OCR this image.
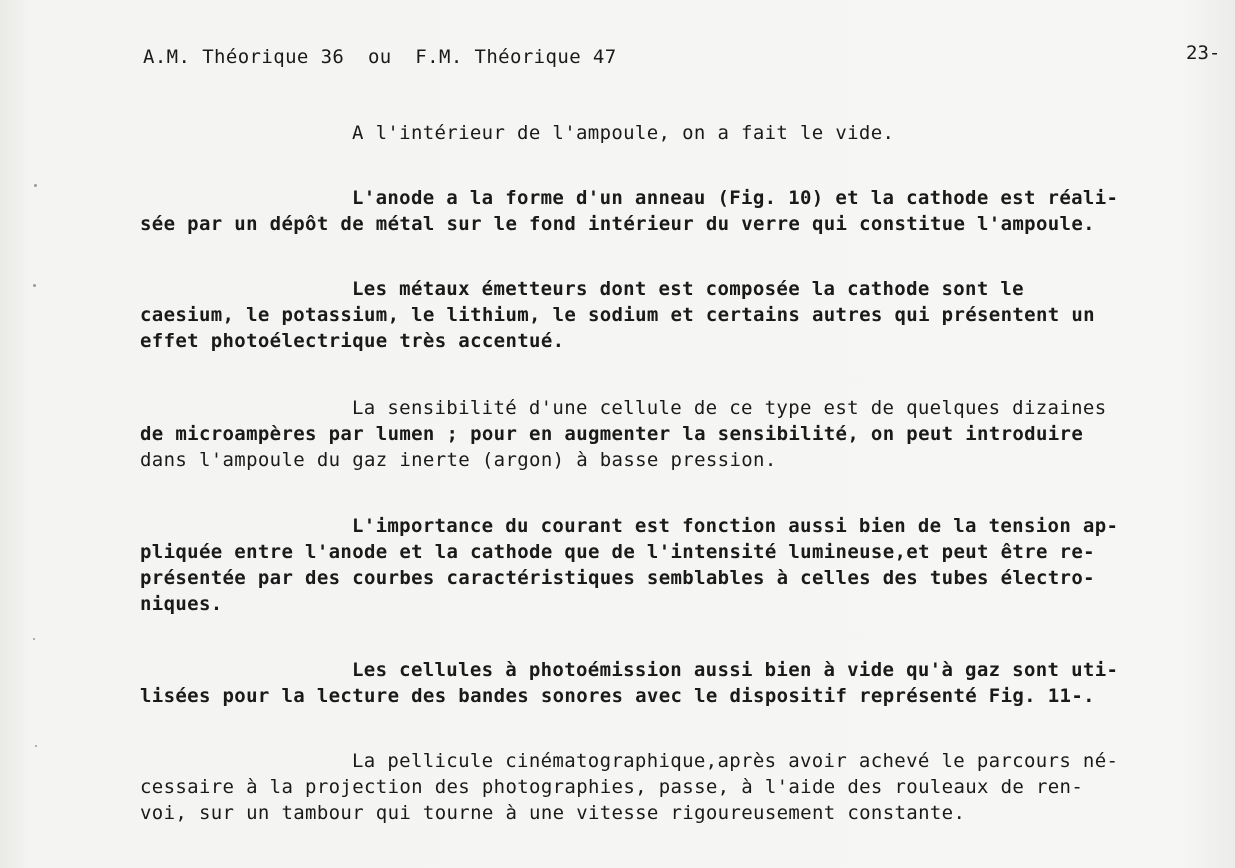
A.M. Théorique 36  ou  F.M. Théorique 47	23-
A l'intérieur de l'ampoule, on a fait le vide.
L'anode a la forme d'un anneau (Fig. 10) et la cathode est réali-
sée par un dépôt de métal sur le fond intérieur du verre qui constitue l'ampoule.
Les métaux émetteurs dont est composée la cathode sont le
caesium, le potassium, le lithium, le sodium et certains autres qui présentent un
effet photoélectrique très accentué.
La sensibilité d'une cellule de ce type est de quelques dizaines
de microampères par lumen ; pour en augmenter la sensibilité, on peut introduire
dans l'ampoule du gaz inerte (argon) à basse pression.
L'importance du courant est fonction aussi bien de la tension ap-
pliquée entre l'anode et la cathode que de l'intensité lumineuse,et peut être re-
présentée par des courbes caractéristiques semblables à celles des tubes électro-
niques.
Les cellules à photoémission aussi bien à vide qu'à gaz sont uti-
lisées pour la lecture des bandes sonores avec le dispositif représenté Fig. 11-.
La pellicule cinématographique,après avoir achevé le parcours né-
cessaire à la projection des photographies, passe, à l'aide des rouleaux de ren-
voi, sur un tambour qui tourne à une vitesse rigoureusement constante.
